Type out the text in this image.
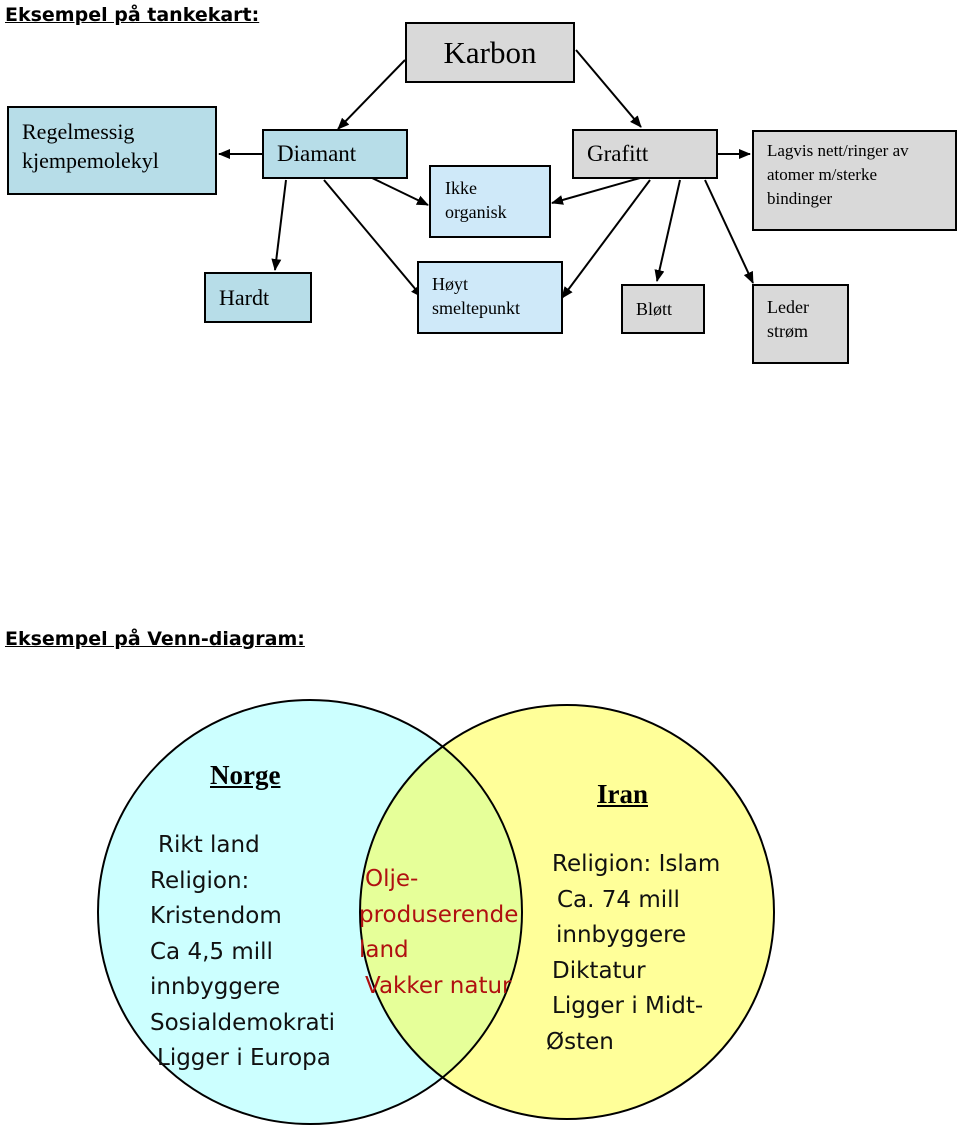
Eksempel på tankekart:
Karbon
Regelmessig
kjempemolekyl	Diamant
Ikke
organisk
Grafitt	Lagvis nett/ringer av
atomer m/sterke
bindinger
Hardt
Høyt
smeltepunkt	Bløtt	Leder
strøm
Eksempel på Venn-diagram:
Norge
Rikt land
Religion:
Kristendom
Ca 4,5 mill
innbyggere
Sosialdemokrati
Ligger i Europa
Olje-
produserende
land
Vakker natur
Iran
Religion: Islam
Ca. 74 mill
innbyggere
Diktatur
Ligger i Midt-
Østen
